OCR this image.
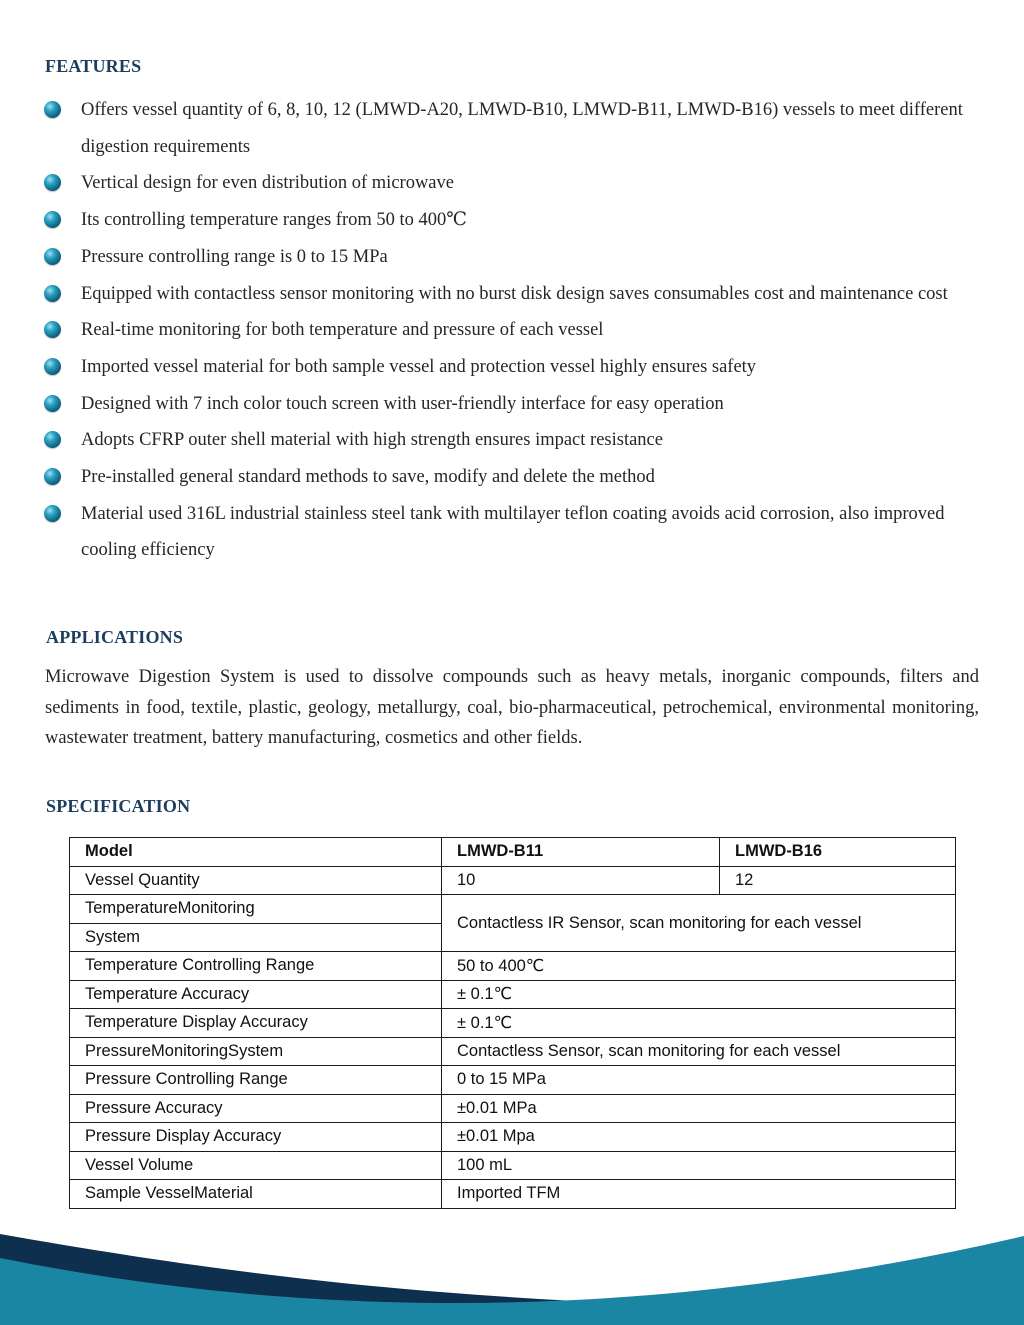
FEATURES
Offers vessel quantity of 6, 8, 10, 12 (LMWD-A20, LMWD-B10, LMWD-B11, LMWD-B16) vessels to meet different digestion requirements
Vertical design for even distribution of microwave
Its controlling temperature ranges from 50 to 400℃
Pressure controlling range is 0 to 15 MPa
Equipped with contactless sensor monitoring with no burst disk design saves consumables cost and maintenance cost
Real-time monitoring for both temperature and pressure of each vessel
Imported vessel material for both sample vessel and protection vessel highly ensures safety
Designed with 7 inch color touch screen with user-friendly interface for easy operation
Adopts CFRP outer shell material with high strength ensures impact resistance
Pre-installed general standard methods to save, modify and delete the method
Material used 316L industrial stainless steel tank with multilayer teflon coating avoids acid corrosion, also improved cooling efficiency
APPLICATIONS

Microwave Digestion System is used to dissolve compounds such as heavy metals, inorganic compounds, filters and sediments in food, textile, plastic, geology, metallurgy, coal, bio-pharmaceutical, petrochemical, environmental monitoring, wastewater treatment, battery manufacturing, cosmetics and other fields.

SPECIFICATION
Model	LMWD-B11	LMWD-B16
Vessel Quantity	10	12

TemperatureMonitoring
System	Contactless IR Sensor, scan monitoring for each vessel	
Temperature Controlling Range	50 to 400℃	
Temperature Accuracy	± 0.1℃	
Temperature Display Accuracy	± 0.1℃	
PressureMonitoringSystem	Contactless Sensor, scan monitoring for each vessel	
Pressure Controlling Range	0 to 15 MPa	
Pressure Accuracy	±0.01 MPa	
Pressure Display Accuracy	±0.01 Mpa	
Vessel Volume	100 mL	
Sample VesselMaterial	Imported TFM	
